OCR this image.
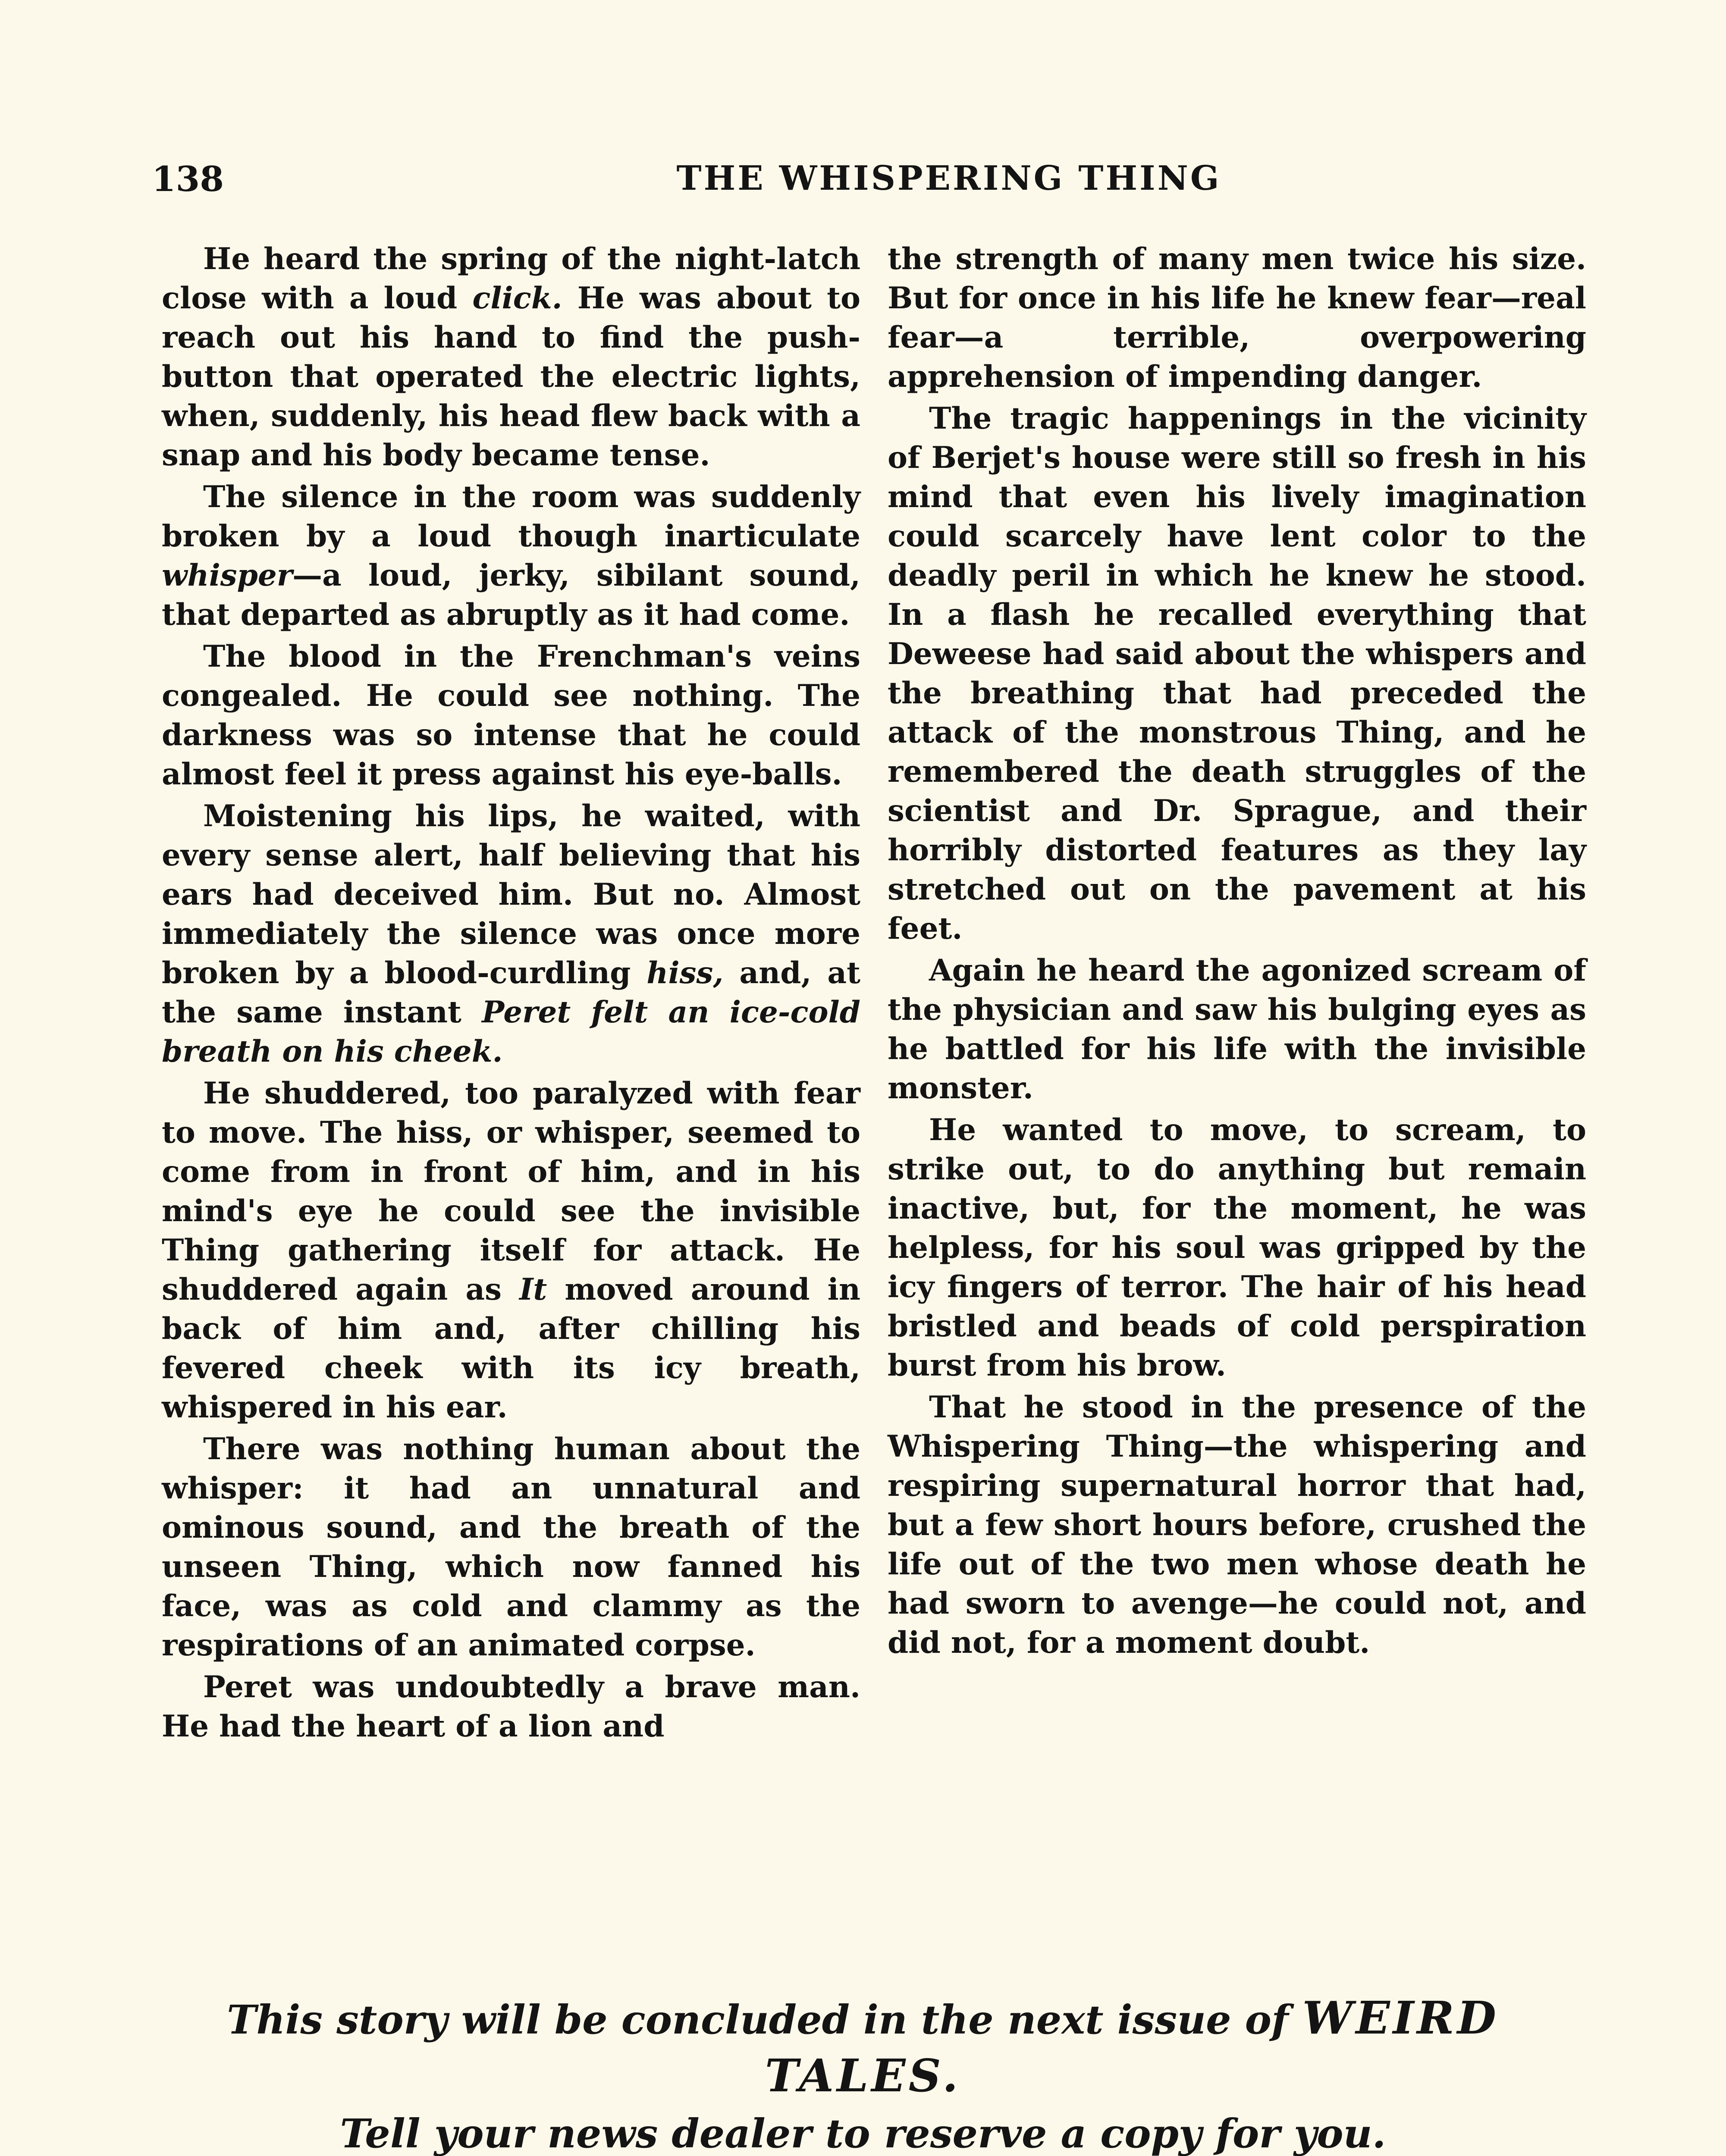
138	THE WHISPERING THING

He heard the spring of the night-latch close with a loud click. He was about to reach out his hand to find the push-button that operated the electric lights, when, suddenly, his head flew back with a snap and his body became tense.

The silence in the room was suddenly broken by a loud though inarticulate whisper—a loud, jerky, sibilant sound, that departed as abruptly as it had come.

The blood in the Frenchman's veins congealed. He could see nothing. The darkness was so intense that he could almost feel it press against his eye-balls.

Moistening his lips, he waited, with every sense alert, half believing that his ears had deceived him. But no. Almost immediately the silence was once more broken by a blood-curdling hiss, and, at the same instant Peret felt an ice-cold breath on his cheek.

He shuddered, too paralyzed with fear to move. The hiss, or whisper, seemed to come from in front of him, and in his mind's eye he could see the invisible Thing gathering itself for attack. He shuddered again as It moved around in back of him and, after chilling his fevered cheek with its icy breath, whispered in his ear.

There was nothing human about the whisper: it had an unnatural and ominous sound, and the breath of the unseen Thing, which now fanned his face, was as cold and clammy as the respirations of an animated corpse.

Peret was undoubtedly a brave man. He had the heart of a lion and

the strength of many men twice his size. But for once in his life he knew fear—real fear—a terrible, overpowering apprehension of impending danger.

The tragic happenings in the vicinity of Berjet's house were still so fresh in his mind that even his lively imagination could scarcely have lent color to the deadly peril in which he knew he stood. In a flash he recalled everything that Deweese had said about the whispers and the breathing that had preceded the attack of the monstrous Thing, and he remembered the death struggles of the scientist and Dr. Sprague, and their horribly distorted features as they lay stretched out on the pavement at his feet.

Again he heard the agonized scream of the physician and saw his bulging eyes as he battled for his life with the invisible monster.

He wanted to move, to scream, to strike out, to do anything but remain inactive, but, for the moment, he was helpless, for his soul was gripped by the icy fingers of terror. The hair of his head bristled and beads of cold perspiration burst from his brow.

That he stood in the presence of the Whispering Thing—the whispering and respiring supernatural horror that had, but a few short hours before, crushed the life out of the two men whose death he had sworn to avenge—he could not, and did not, for a moment doubt.

This story will be concluded in the next issue of WEIRD TALES.
Tell your news dealer to reserve a copy for you.
